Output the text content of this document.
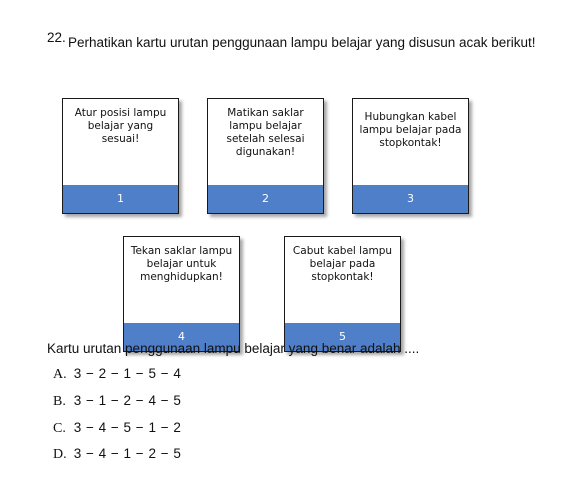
22. Perhatikan kartu urutan penggunaan lampu belajar yang disusun acak berikut!
Atur posisi lampu belajar yang sesuai!
1
Matikan saklar lampu belajar setelah selesai digunakan!
2
Hubungkan kabel lampu belajar pada stopkontak!
3
Tekan saklar lampu belajar untuk menghidupkan!
4
Cabut kabel lampu belajar pada stopkontak!
5
Kartu urutan penggunaan lampu belajar yang benar adalah ....
A. 3 − 2 − 1 − 5 − 4
B. 3 − 1 − 2 − 4 − 5
C. 3 − 4 − 5 − 1 − 2
D. 3 − 4 − 1 − 2 − 5
